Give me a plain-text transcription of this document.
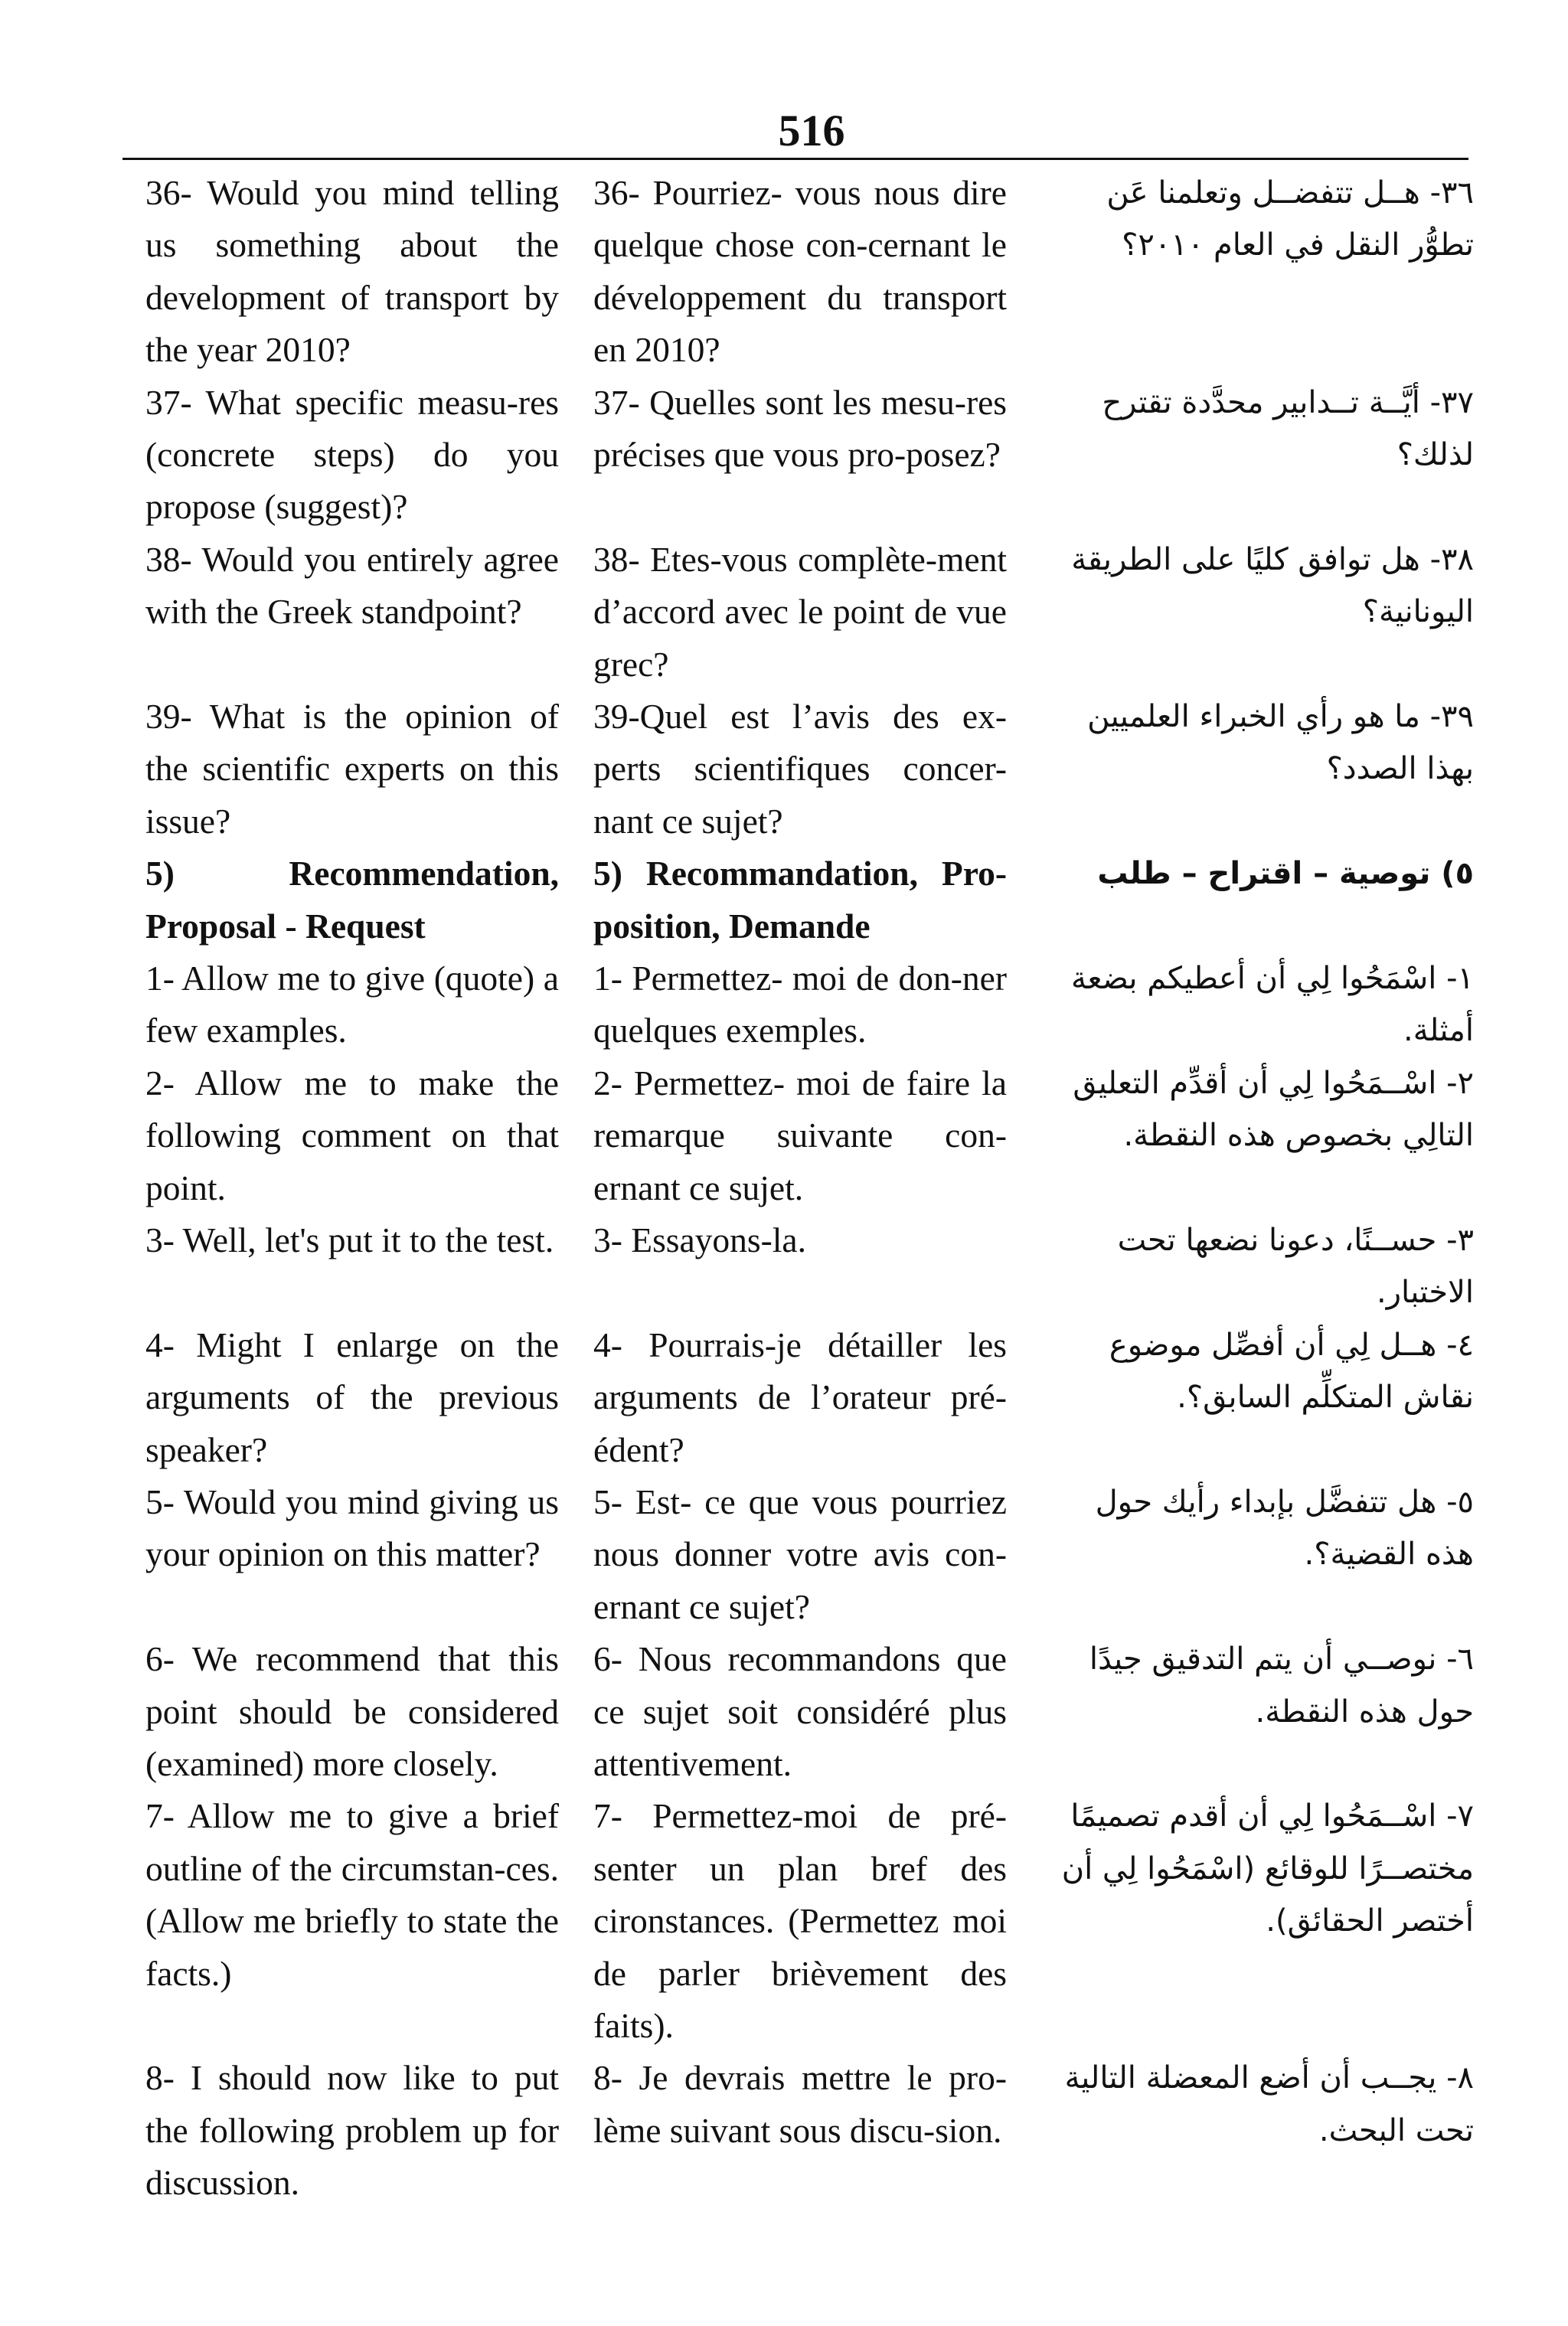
516

36- Would you mind telling us something about the development of transport by the year 2010?

37- What specific measu-res (concrete steps) do you propose (suggest)?

38- Would you entirely agree with the Greek standpoint?

39- What is the opinion of the scientific experts on this issue?

5) Recommendation, Proposal - Request

1- Allow me to give (quote) a few examples.

2- Allow me to make the following comment on that point.

3- Well, let's put it to the test.

4- Might I enlarge on the arguments of the previous speaker?

5- Would you mind giving us your opinion on this matter?

6- We recommend that this point should be considered (examined) more closely.

7- Allow me to give a brief outline of the circumstan-ces. (Allow me briefly to state the facts.)

8- I should now like to put the following problem up for discussion.

36- Pourriez- vous nous dire quelque chose con-cernant le développement du transport en 2010?

37- Quelles sont les mesu-res précises que vous pro-posez?

38- Etes-vous complète-ment d’accord avec le point de vue grec?

39-Quel est l’avis des ex-perts scientifiques concer-nant ce sujet?

5) Recommandation, Pro-position, Demande

1- Permettez- moi de don-ner quelques exemples.

2- Permettez- moi de faire la remarque suivante con-ernant ce sujet.

3- Essayons-la.

4- Pourrais-je détailler les arguments de l’orateur pré-édent?

5- Est- ce que vous pourriez nous donner votre avis con-ernant ce sujet?

6- Nous recommandons que ce sujet soit considéré plus attentivement.

7- Permettez-moi de pré-senter un plan bref des cironstances. (Permettez moi de parler brièvement des faits).

8- Je devrais mettre le pro-lème suivant sous discu-sion.

٣٦- هــل تتفضــل وتعلمنا عَن تطوُّر النقل في العام ٢٠١٠؟

٣٧- أيَّــة تــدابير محدَّدة تقترح لذلك؟

٣٨- هل توافق كليًا على الطريقة اليونانية؟

٣٩- ما هو رأي الخبراء العلميين بهذا الصدد؟

٥) توصية – اقتراح – طلب

١- اسْمَحُوا لِي أن أعطيكم بضعة أمثلة.

٢- اسْــمَحُوا لِي أن أقدِّم التعليق التالِي بخصوص هذه النقطة.

٣- حســنًا، دعونا نضعها تحت الاختبار.

٤- هــل لِي أن أفصِّل موضوع نقاش المتكلِّم السابق؟.

٥- هل تتفضَّل بإبداء رأيك حول هذه القضية؟.

٦- نوصــي أن يتم التدقيق جيدًا حول هذه النقطة.

٧- اسْــمَحُوا لِي أن أقدم تصميمًا مختصــرًا للوقائع (اسْمَحُوا لِي أن أختصر الحقائق).

٨- يجــب أن أضع المعضلة التالية تحت البحث.
